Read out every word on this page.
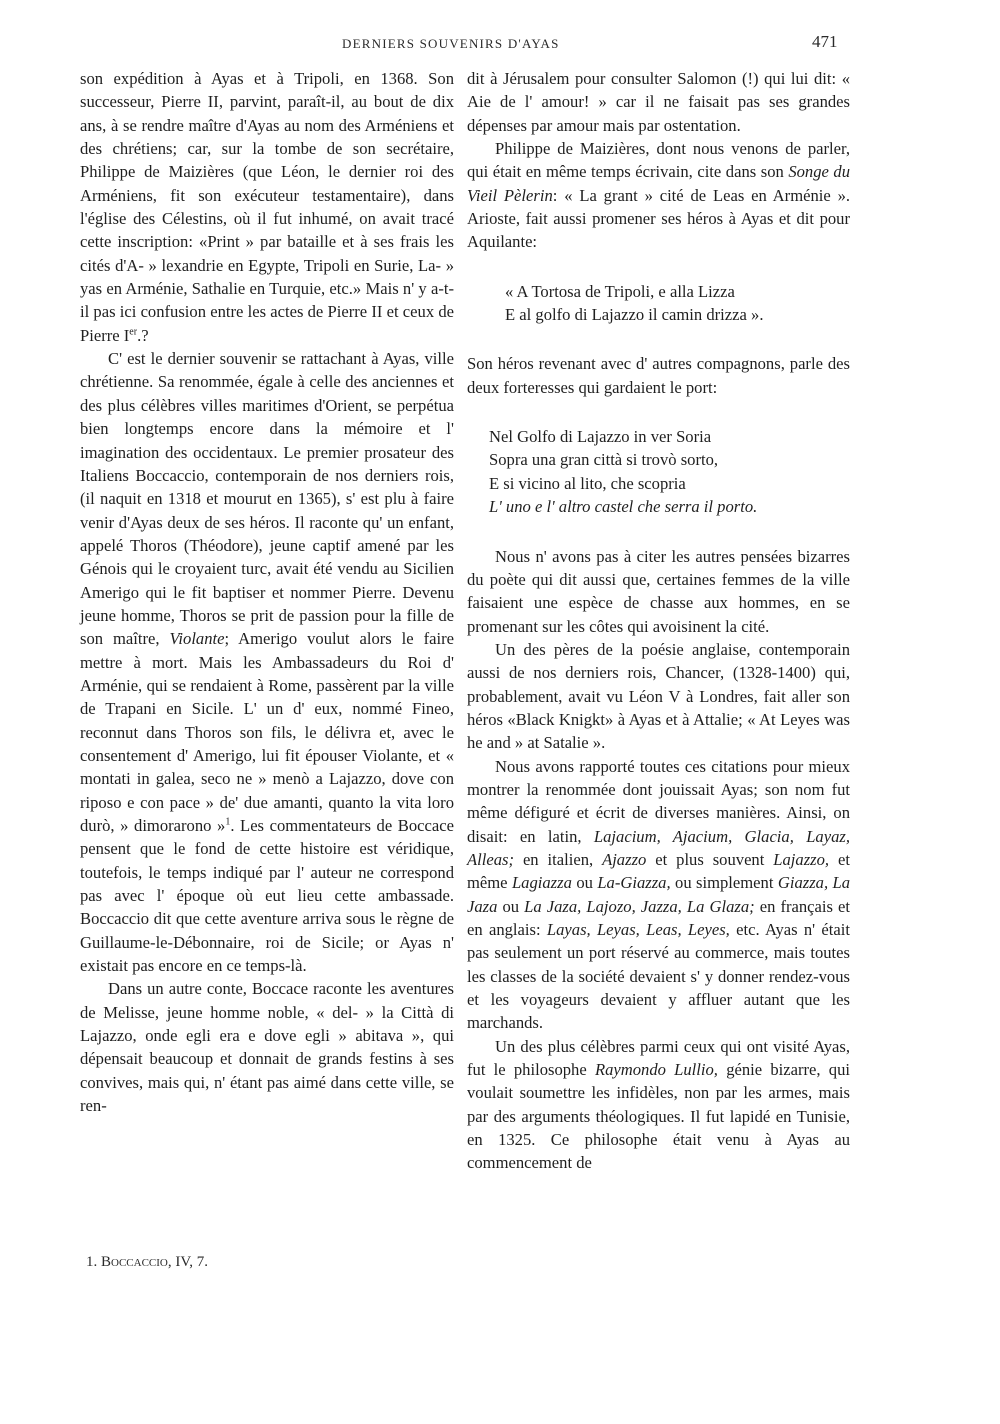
DERNIERS SOUVENIRS D'AYAS	471

son expédition à Ayas et à Tripoli, en 1368. Son successeur, Pierre II, parvint, paraît-il, au bout de dix ans, à se rendre maître d'Ayas au nom des Arméniens et des chrétiens; car, sur la tombe de son secrétaire, Philippe de Maizières (que Léon, le dernier roi des Arméniens, fit son exécuteur testamentaire), dans l'église des Célestins, où il fut inhumé, on avait tracé cette inscription: «Print » par bataille et à ses frais les cités d'A- » lexandrie en Egypte, Tripoli en Surie, La- » yas en Arménie, Sathalie en Turquie, etc.» Mais n' y a-t-il pas ici confusion entre les actes de Pierre II et ceux de Pierre Ier.?

C' est le dernier souvenir se rattachant à Ayas, ville chrétienne. Sa renommée, égale à celle des anciennes et des plus célèbres villes maritimes d'Orient, se perpétua bien longtemps encore dans la mémoire et l' imagination des occidentaux. Le premier prosateur des Italiens Boccaccio, contemporain de nos derniers rois, (il naquit en 1318 et mourut en 1365), s' est plu à faire venir d'Ayas deux de ses héros. Il raconte qu' un enfant, appelé Thoros (Théodore), jeune captif amené par les Génois qui le croyaient turc, avait été vendu au Sicilien Amerigo qui le fit baptiser et nommer Pierre. Devenu jeune homme, Thoros se prit de passion pour la fille de son maître, Violante; Amerigo voulut alors le faire mettre à mort. Mais les Ambassadeurs du Roi d' Arménie, qui se rendaient à Rome, passèrent par la ville de Trapani en Sicile. L' un d' eux, nommé Fineo, reconnut dans Thoros son fils, le délivra et, avec le consentement d' Amerigo, lui fit épouser Violante, et « montati in galea, seco ne » menò a Lajazzo, dove con riposo e con pace » de' due amanti, quanto la vita loro durò, » dimorarono »$^1$. Les commentateurs de Boccace pensent que le fond de cette histoire est véridique, toutefois, le temps indiqué par l' auteur ne correspond pas avec l' époque où eut lieu cette ambassade. Boccaccio dit que cette aventure arriva sous le règne de Guillaume-le-Débonnaire, roi de Sicile; or Ayas n' existait pas encore en ce temps-là.

Dans un autre conte, Boccace raconte les aventures de Melisse, jeune homme noble, « del- » la Città di Lajazzo, onde egli era e dove egli » abitava », qui dépensait beaucoup et donnait de grands festins à ses convives, mais qui, n' étant pas aimé dans cette ville, se ren-

dit à Jérusalem pour consulter Salomon (!) qui lui dit: « Aie de l' amour! » car il ne faisait pas ses grandes dépenses par amour mais par ostentation.

Philippe de Maizières, dont nous venons de parler, qui était en même temps écrivain, cite dans son Songe du Vieil Pèlerin: « La grant » cité de Leas en Arménie ». Arioste, fait aussi promener ses héros à Ayas et dit pour Aquilante:

« A Tortosa de Tripoli, e alla Lizza

E al golfo di Lajazzo il camin drizza ».

Son héros revenant avec d' autres compagnons, parle des deux forteresses qui gardaient le port:

Nel Golfo di Lajazzo in ver Soria

Sopra una gran città si trovò sorto,

E si vicino al lito, che scopria

L' uno e l' altro castel che serra il porto.

Nous n' avons pas à citer les autres pensées bizarres du poète qui dit aussi que, certaines femmes de la ville faisaient une espèce de chasse aux hommes, en se promenant sur les côtes qui avoisinent la cité.

Un des pères de la poésie anglaise, contemporain aussi de nos derniers rois, Chancer, (1328-1400) qui, probablement, avait vu Léon V à Londres, fait aller son héros «Black Knigkt» à Ayas et à Attalie; « At Leyes was he and » at Satalie ».

Nous avons rapporté toutes ces citations pour mieux montrer la renommée dont jouissait Ayas; son nom fut même défiguré et écrit de diverses manières. Ainsi, on disait: en latin, Lajacium, Ajacium, Glacia, Layaz, Alleas; en italien, Ajazzo et plus souvent Lajazzo, et même Lagiazza ou La-Giazza, ou simplement Giazza, La Jaza ou La Jaza, Lajozo, Jazza, La Glaza; en français et en anglais: Layas, Leyas, Leas, Leyes, etc. Ayas n' était pas seulement un port réservé au commerce, mais toutes les classes de la société devaient s' y donner rendez-vous et les voyageurs devaient y affluer autant que les marchands.

Un des plus célèbres parmi ceux qui ont visité Ayas, fut le philosophe Raymondo Lullio, génie bizarre, qui voulait soumettre les infidèles, non par les armes, mais par des arguments théologiques. Il fut lapidé en Tunisie, en 1325. Ce philosophe était venu à Ayas au commencement de

1. Boccaccio, IV, 7.
